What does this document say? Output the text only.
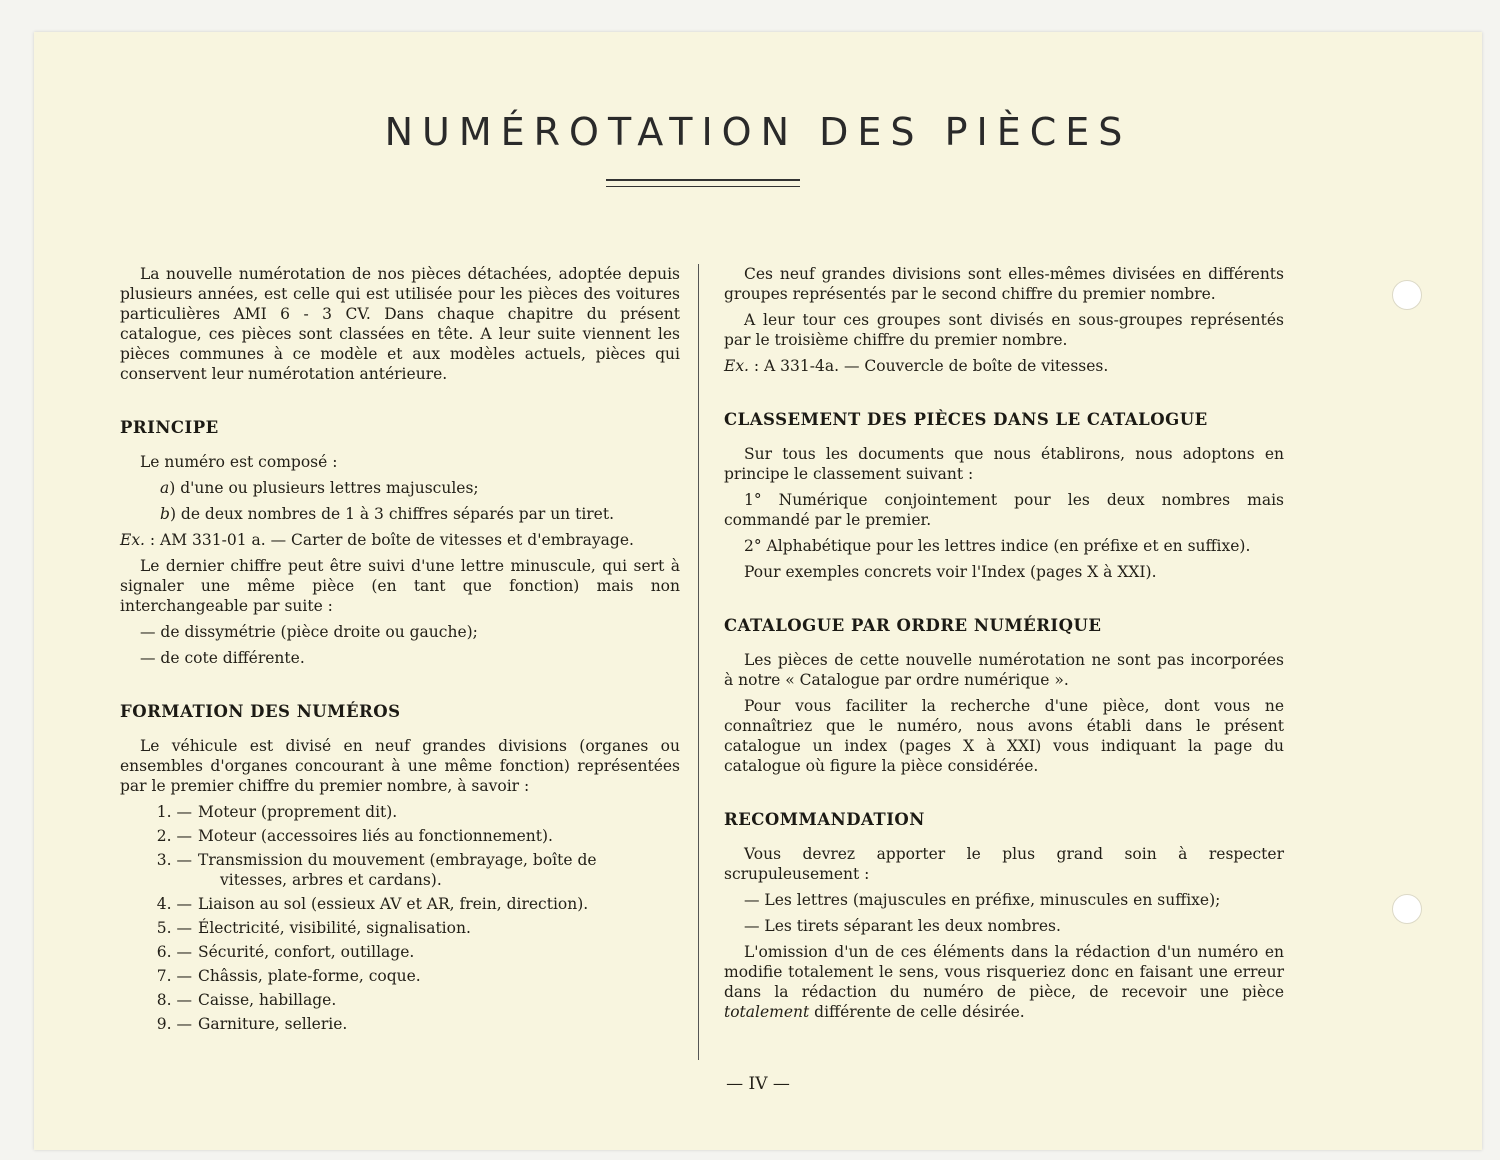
NUMÉROTATION DES PIÈCES

La nouvelle numérotation de nos pièces détachées, adoptée depuis plusieurs années, est celle qui est utilisée pour les pièces des voitures particulières AMI 6 - 3 CV. Dans chaque chapitre du présent catalogue, ces pièces sont classées en tête. A leur suite viennent les pièces communes à ce modèle et aux modèles actuels, pièces qui conservent leur numérotation antérieure.

PRINCIPE

Le numéro est composé :

a) d'une ou plusieurs lettres majuscules;

b) de deux nombres de 1 à 3 chiffres séparés par un tiret.

Ex. : AM 331-01 a. — Carter de boîte de vitesses et d'embrayage.

Le dernier chiffre peut être suivi d'une lettre minuscule, qui sert à signaler une même pièce (en tant que fonction) mais non interchangeable par suite :

— de dissymétrie (pièce droite ou gauche);

— de cote différente.

FORMATION DES NUMÉROS

Le véhicule est divisé en neuf grandes divisions (organes ou ensembles d'organes concourant à une même fonction) représentées par le premier chiffre du premier nombre, à savoir :

1. — Moteur (proprement dit).
2. — Moteur (accessoires liés au fonctionnement).
3. — Transmission du mouvement (embrayage, boîte de
vitesses, arbres et cardans).
4. — Liaison au sol (essieux AV et AR, frein, direction).
5. — Électricité, visibilité, signalisation.
6. — Sécurité, confort, outillage.
7. — Châssis, plate-forme, coque.
8. — Caisse, habillage.
9. — Garniture, sellerie.

Ces neuf grandes divisions sont elles-mêmes divisées en différents groupes représentés par le second chiffre du premier nombre.

A leur tour ces groupes sont divisés en sous-groupes représentés par le troisième chiffre du premier nombre.

Ex. : A 331-4a. — Couvercle de boîte de vitesses.

CLASSEMENT DES PIÈCES DANS LE CATALOGUE

Sur tous les documents que nous établirons, nous adoptons en principe le classement suivant :

1° Numérique conjointement pour les deux nombres mais commandé par le premier.

2° Alphabétique pour les lettres indice (en préfixe et en suffixe).

Pour exemples concrets voir l'Index (pages X à XXI).

CATALOGUE PAR ORDRE NUMÉRIQUE

Les pièces de cette nouvelle numérotation ne sont pas incorporées à notre « Catalogue par ordre numérique ».

Pour vous faciliter la recherche d'une pièce, dont vous ne connaîtriez que le numéro, nous avons établi dans le présent catalogue un index (pages X à XXI) vous indiquant la page du catalogue où figure la pièce considérée.

RECOMMANDATION

Vous devrez apporter le plus grand soin à respecter scrupuleusement :

— Les lettres (majuscules en préfixe, minuscules en suffixe);

— Les tirets séparant les deux nombres.

L'omission d'un de ces éléments dans la rédaction d'un numéro en modifie totalement le sens, vous risqueriez donc en faisant une erreur dans la rédaction du numéro de pièce, de recevoir une pièce totalement différente de celle désirée.

— IV —
